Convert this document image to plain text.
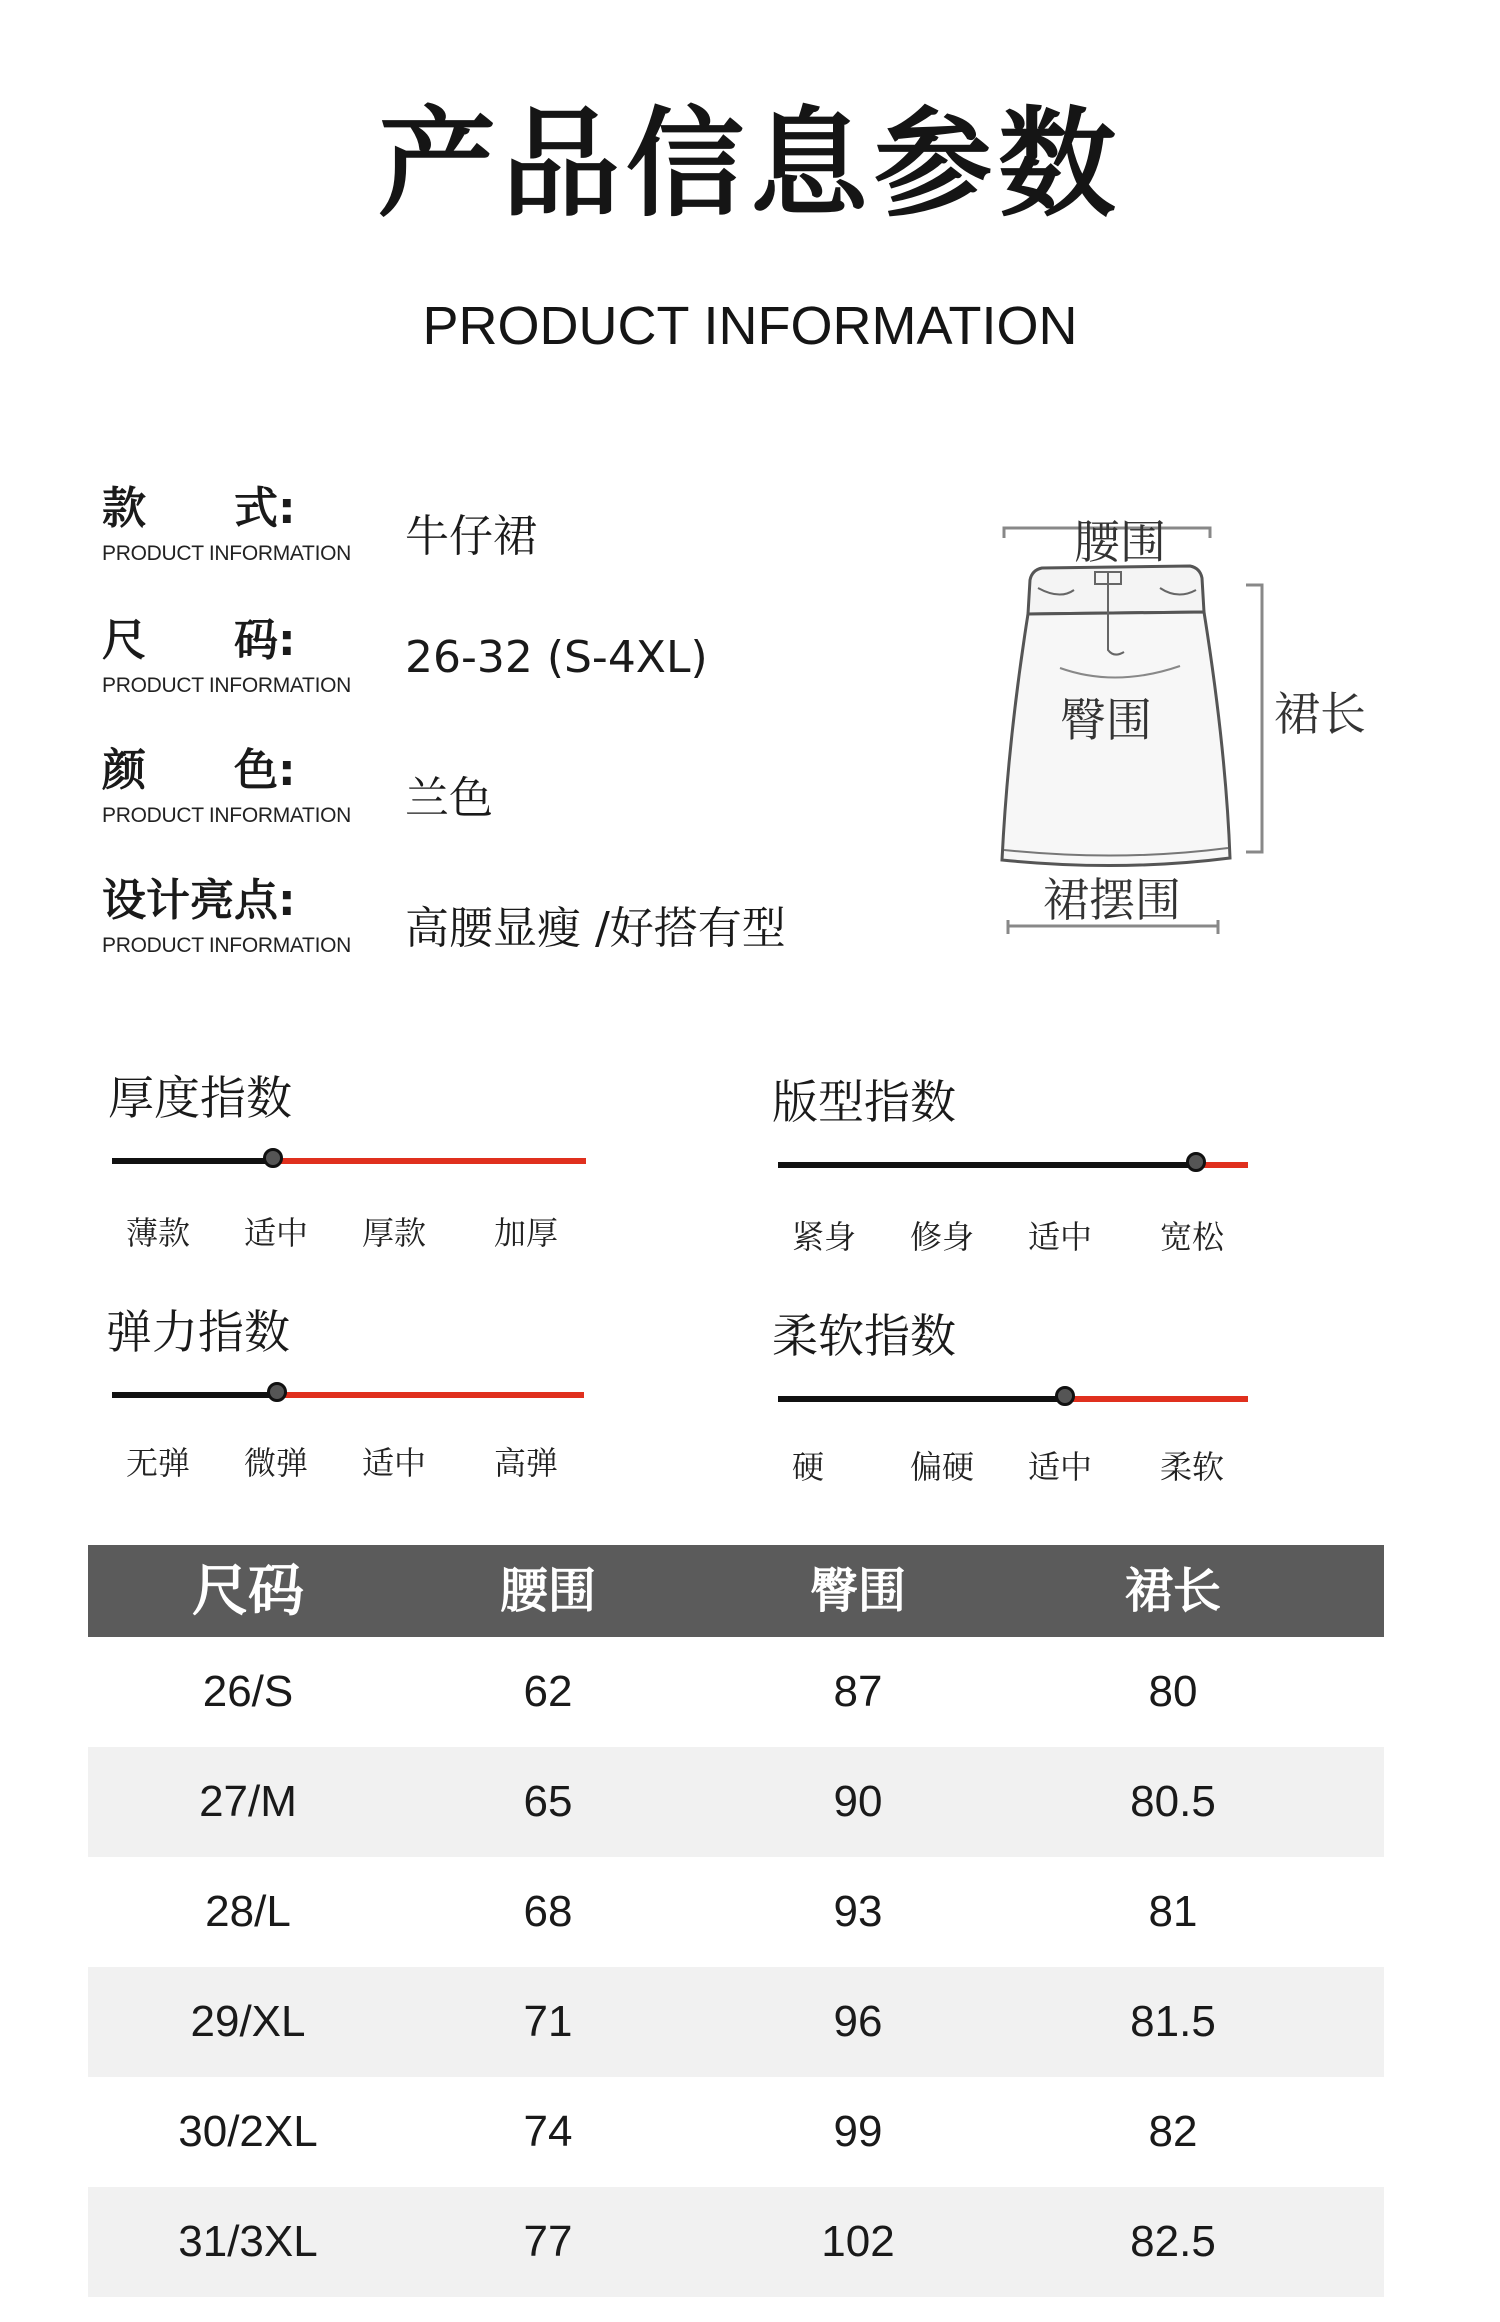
产品信息参数
PRODUCT INFORMATION
款　　式:
PRODUCT INFORMATION 牛仔裙
尺　　码:
PRODUCT INFORMATION
26-32 (S-4XL)
颜　　色:
PRODUCT INFORMATION 兰色
设计亮点:
PRODUCT INFORMATION 高腰显瘦 /好搭有型
腰围
臀围	裙长
裙摆围
厚度指数
薄款 适中 厚款 加厚
版型指数
紧身 修身 适中 宽松
弹力指数
无弹 微弹 适中 高弹
柔软指数
硬	偏硬 适中 柔软
尺码	腰围	臀围	裙长
26/S	62	87	80
27/M	65	90	80.5
28/L	68	93	81
29/XL	71	96	81.5
30/2XL	74	99	82
31/3XL	77	102	82.5
